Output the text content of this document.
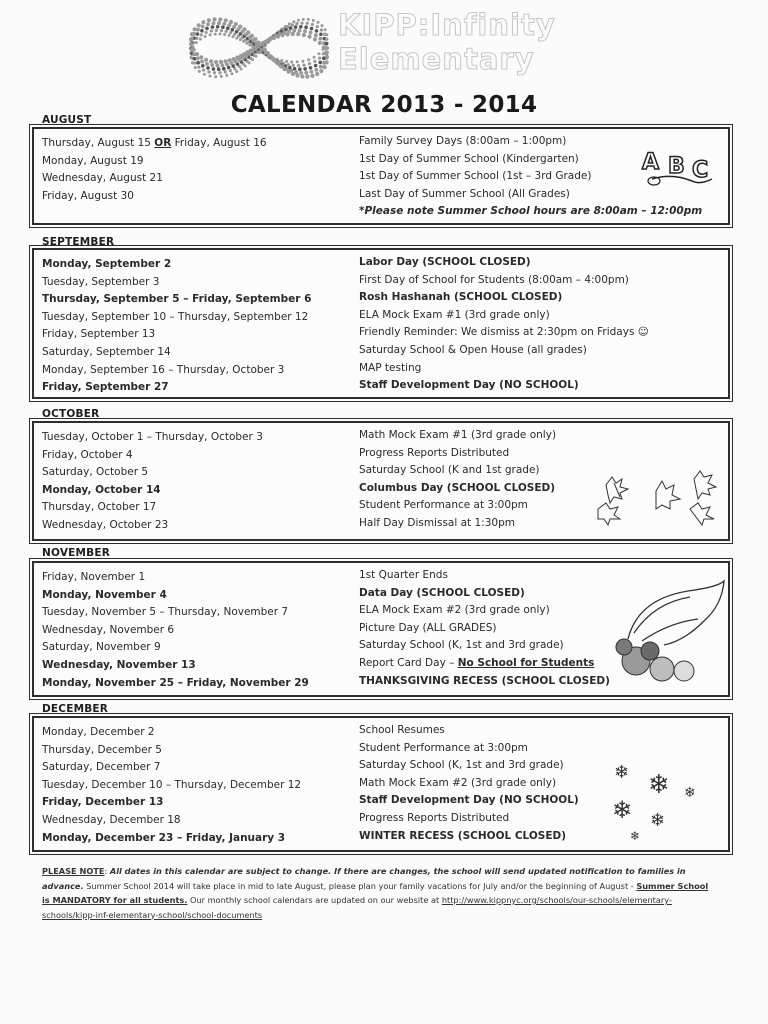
KIPP:Infinity
Elementary
CALENDAR 2013 - 2014
AUGUST
Thursday, August 15 OR Friday, August 16
Monday, August 19
Wednesday, August 21
Friday, August 30
Family Survey Days (8:00am – 1:00pm)
1st Day of Summer School (Kindergarten)
1st Day of Summer School (1st – 3rd Grade)
Last Day of Summer School (All Grades)
*Please note Summer School hours are 8:00am – 12:00pm
A B C
SEPTEMBER
Monday, September 2
Tuesday, September 3
Thursday, September 5 – Friday, September 6
Tuesday, September 10 – Thursday, September 12
Friday, September 13
Saturday, September 14
Monday, September 16 – Thursday, October 3
Friday, September 27
Labor Day (SCHOOL CLOSED)
First Day of School for Students (8:00am – 4:00pm)
Rosh Hashanah (SCHOOL CLOSED)
ELA Mock Exam #1 (3rd grade only)
Friendly Reminder: We dismiss at 2:30pm on Fridays ☺
Saturday School & Open House (all grades)
MAP testing
Staff Development Day (NO SCHOOL)
OCTOBER
Tuesday, October 1 – Thursday, October 3
Friday, October 4
Saturday, October 5
Monday, October 14
Thursday, October 17
Wednesday, October 23
Math Mock Exam #1 (3rd grade only)
Progress Reports Distributed
Saturday School (K and 1st grade)
Columbus Day (SCHOOL CLOSED)
Student Performance at 3:00pm
Half Day Dismissal at 1:30pm
NOVEMBER
Friday, November 1
Monday, November 4
Tuesday, November 5 – Thursday, November 7
Wednesday, November 6
Saturday, November 9
Wednesday, November 13
Monday, November 25 – Friday, November 29
1st Quarter Ends
Data Day (SCHOOL CLOSED)
ELA Mock Exam #2 (3rd grade only)
Picture Day (ALL GRADES)
Saturday School (K, 1st and 3rd grade)
Report Card Day – No School for Students
THANKSGIVING RECESS (SCHOOL CLOSED)
DECEMBER
Monday, December 2
Thursday, December 5
Saturday, December 7
Tuesday, December 10 – Thursday, December 12
Friday, December 13
Wednesday, December 18
Monday, December 23 – Friday, January 3
School Resumes
Student Performance at 3:00pm
Saturday School (K, 1st and 3rd grade)
Math Mock Exam #2 (3rd grade only)
Staff Development Day (NO SCHOOL)
Progress Reports Distributed
WINTER RECESS (SCHOOL CLOSED)
❄ ❄ ❄
❄ ❄
❄
PLEASE NOTE: All dates in this calendar are subject to change. If there are changes, the school will send updated notification to families in advance. Summer School 2014 will take place in mid to late August, please plan your family vacations for July and/or the beginning of August - Summer School is MANDATORY for all students. Our monthly school calendars are updated on our website at http://www.kippnyc.org/schools/our-schools/elementary-schools/kipp-inf-elementary-school/school-documents
